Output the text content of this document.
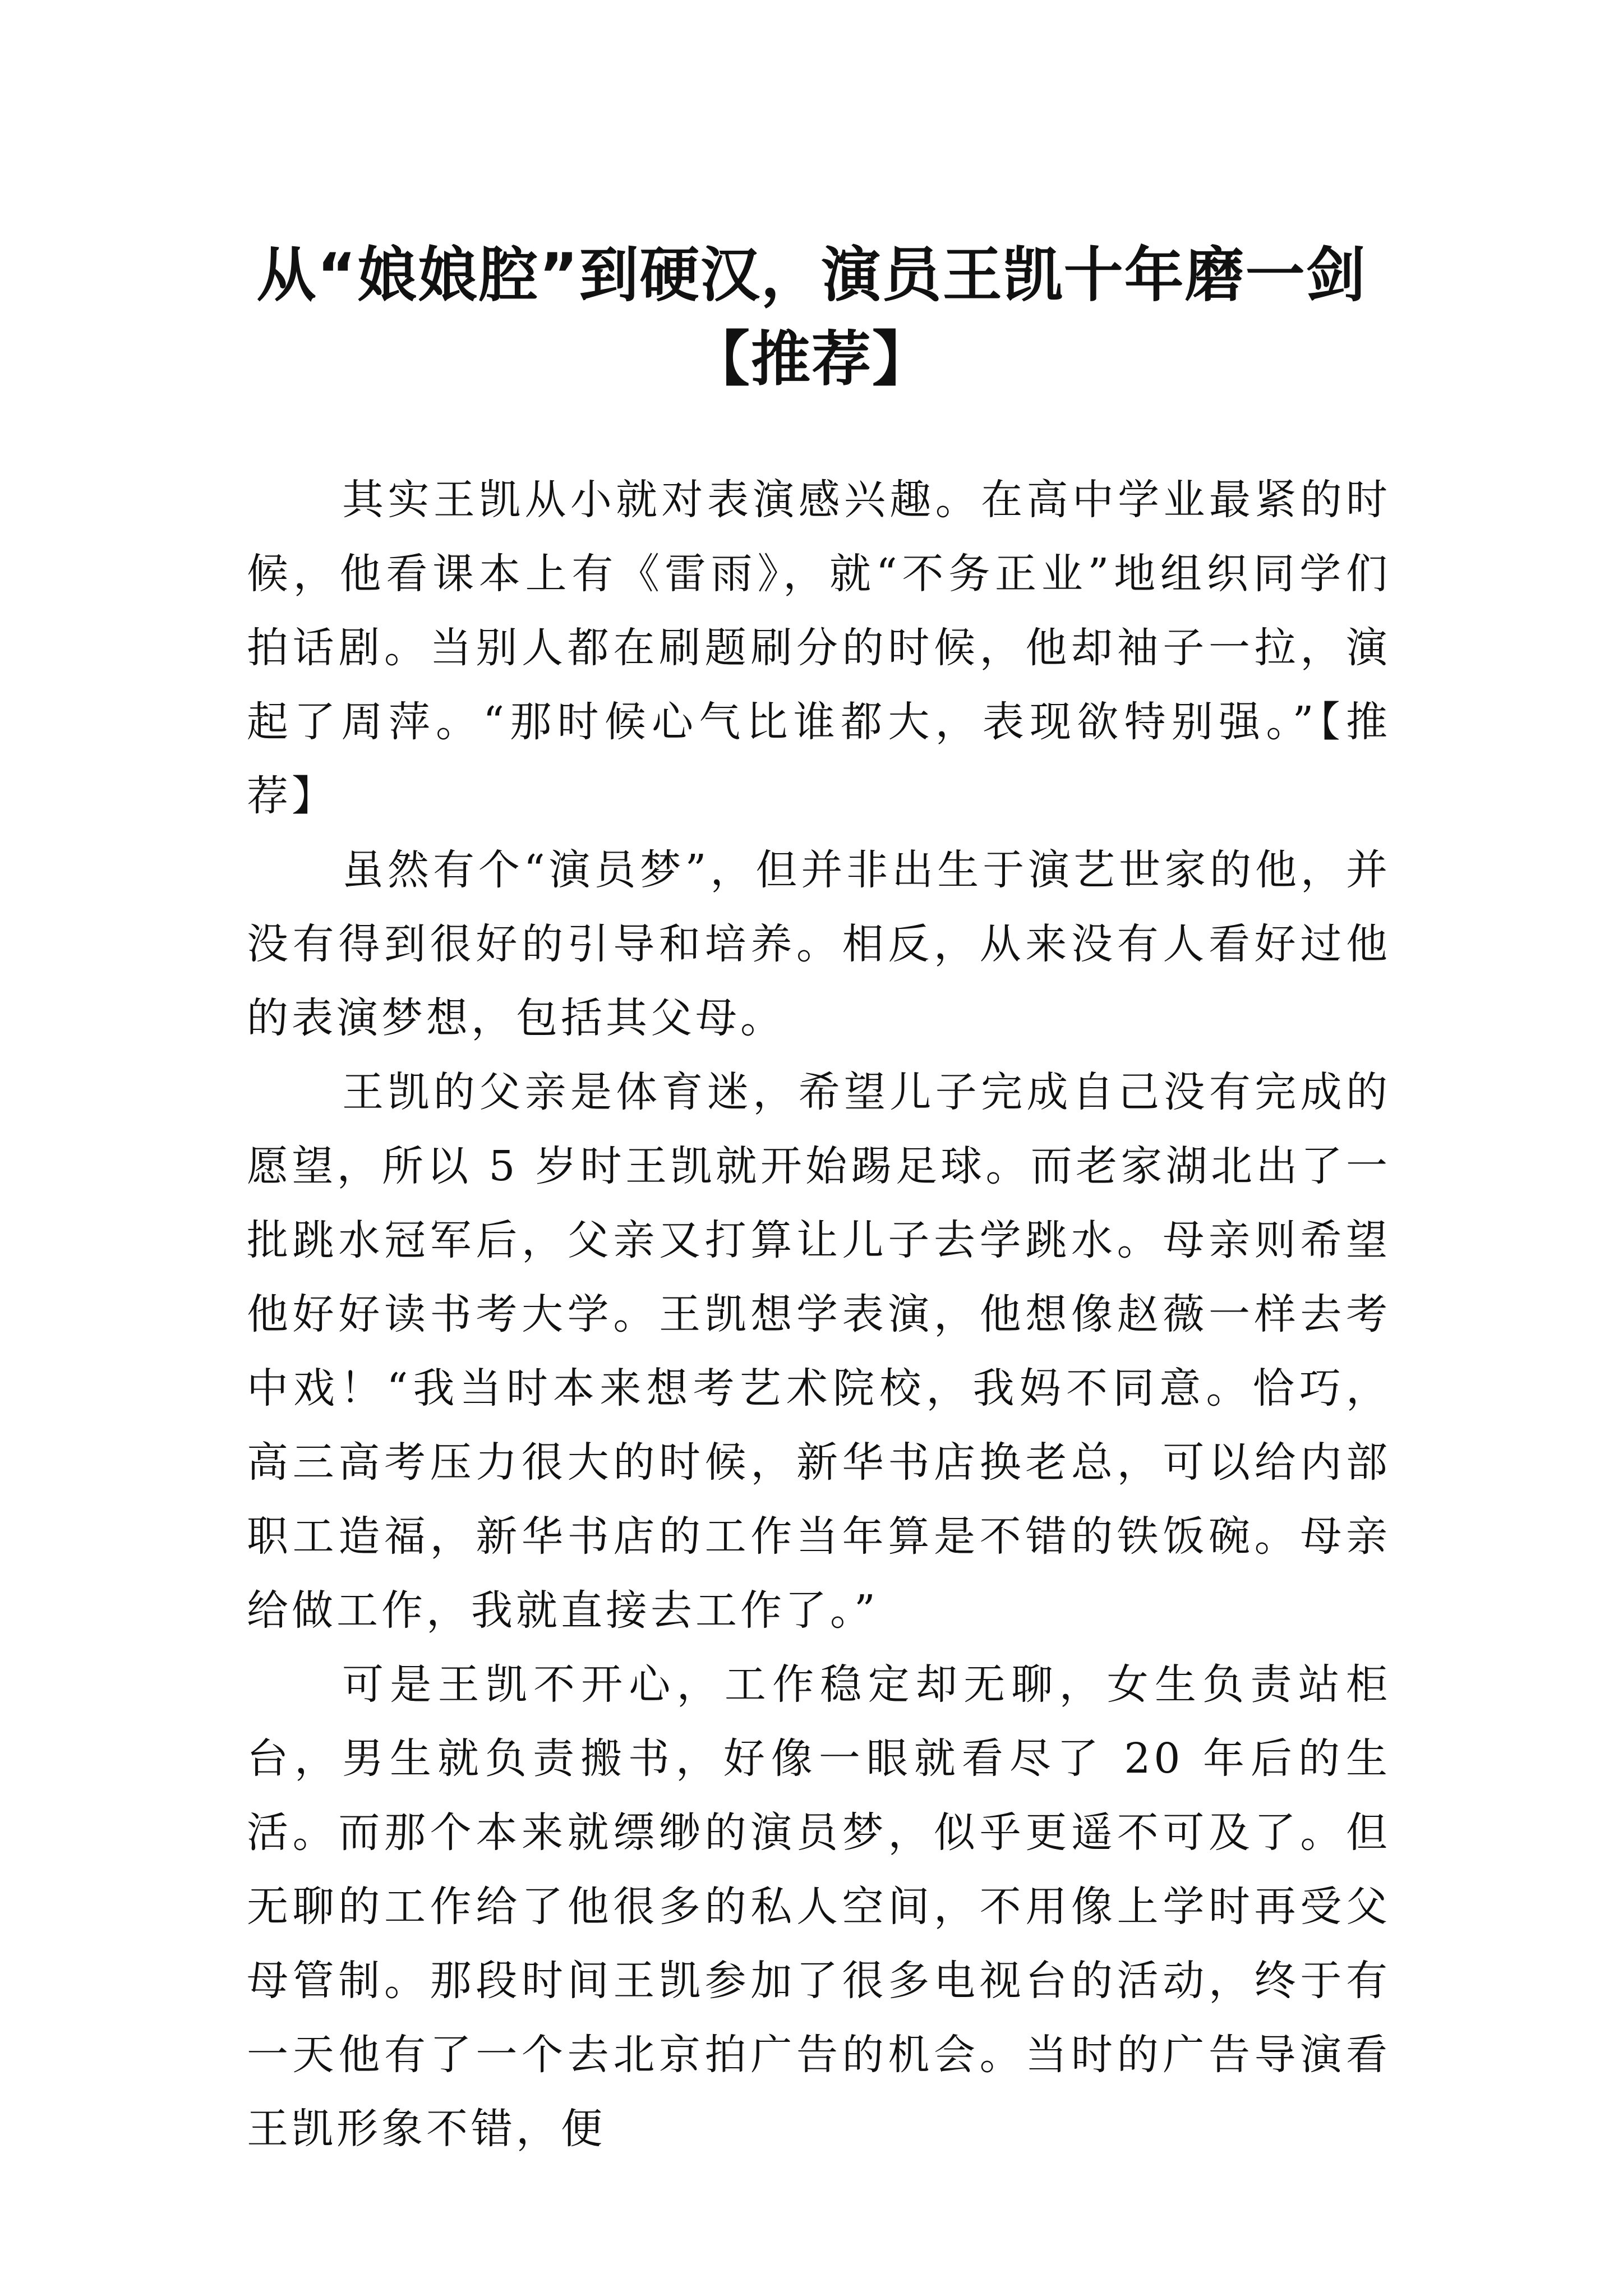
从“娘娘腔”到硬汉，演员王凯十年磨一剑
【推荐】

其实王凯从小就对表演感兴趣。在高中学业最紧的时候，他看课本上有《雷雨》，就“不务正业”地组织同学们拍话剧。当别人都在刷题刷分的时候，他却袖子一拉，演起了周萍。“那时候心气比谁都大，表现欲特别强。”【推荐】

虽然有个“演员梦”，但并非出生于演艺世家的他，并没有得到很好的引导和培养。相反，从来没有人看好过他的表演梦想，包括其父母。

王凯的父亲是体育迷，希望儿子完成自己没有完成的愿望，所以 5 岁时王凯就开始踢足球。而老家湖北出了一批跳水冠军后，父亲又打算让儿子去学跳水。母亲则希望他好好读书考大学。王凯想学表演，他想像赵薇一样去考中戏！“我当时本来想考艺术院校，我妈不同意。恰巧，高三高考压力很大的时候，新华书店换老总，可以给内部职工造福，新华书店的工作当年算是不错的铁饭碗。母亲给做工作，我就直接去工作了。”

可是王凯不开心，工作稳定却无聊，女生负责站柜台，男生就负责搬书，好像一眼就看尽了 20 年后的生活。而那个本来就缥缈的演员梦，似乎更遥不可及了。但无聊的工作给了他很多的私人空间，不用像上学时再受父母管制。那段时间王凯参加了很多电视台的活动，终于有一天他有了一个去北京拍广告的机会。当时的广告导演看王凯形象不错，便
